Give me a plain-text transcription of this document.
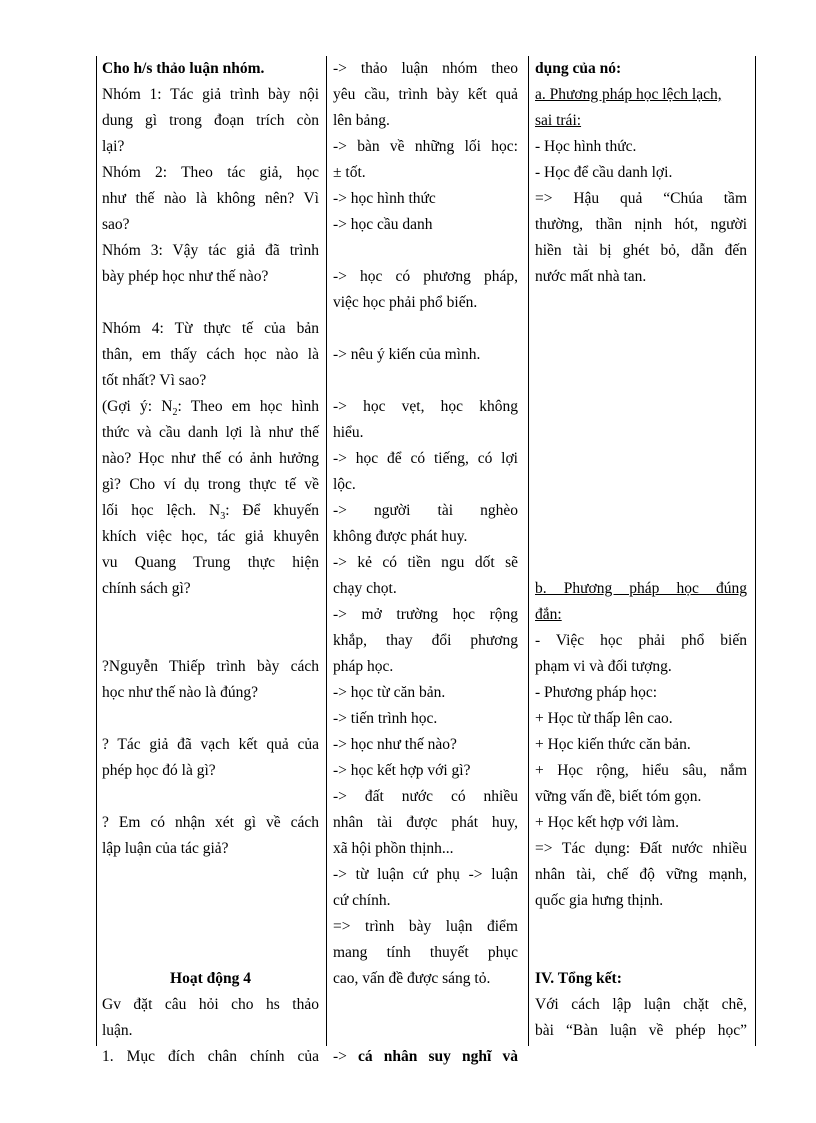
Cho h/s thảo luận nhóm.
Nhóm 1: Tác giả trình bày nội
dung gì trong đoạn trích còn
lại?
Nhóm 2: Theo tác giả, học
như thế nào là không nên? Vì
sao?
Nhóm 3: Vậy tác giả đã trình
bày phép học như thế nào?
Nhóm 4: Từ thực tế của bản
thân, em thấy cách học nào là
tốt nhất? Vì sao?
(Gợi ý: $N_2$: Theo em học hình
thức và cầu danh lợi là như thế
nào? Học như thế có ảnh hưởng
gì? Cho ví dụ trong thực tế về
lối học lệch. $N_3$: Để khuyến
khích việc học, tác giả khuyên
vu Quang Trung thực hiện
chính sách gì?
?Nguyễn Thiếp trình bày cách
học như thế nào là đúng?
? Tác giả đã vạch kết quả của
phép học đó là gì?
? Em có nhận xét gì về cách
lập luận của tác giả?
Hoạt động 4
Gv đặt câu hỏi cho hs thảo
luận.
1. Mục đích chân chính của
-> thảo luận nhóm theo
yêu cầu, trình bày kết quả
lên bảng.
-> bàn về những lối học:
± tốt.
-> học hình thức
-> học cầu danh
-> học có phương pháp,
việc học phải phổ biến.
-> nêu ý kiến của mình.
-> học vẹt, học không
hiểu.
-> học để có tiếng, có lợi
lộc.
-> người tài nghèo
không được phát huy.
-> kẻ có tiền ngu dốt sẽ
chạy chọt.
-> mở trường học rộng
khắp, thay đổi phương
pháp học.
-> học từ căn bản.
-> tiến trình học.
-> học như thế nào?
-> học kết hợp với gì?
-> đất nước có nhiều
nhân tài được phát huy,
xã hội phồn thịnh...
-> từ luận cứ phụ -> luận
cứ chính.
=> trình bày luận điểm
mang tính thuyết phục
cao, vấn đề được sáng tỏ.
-> cá nhân suy nghĩ và
dụng của nó:
a. Phương pháp học lệch lạch,
sai trái:
- Học hình thức.
- Học để cầu danh lợi.
=> Hậu quả “Chúa tầm
thường, thần nịnh hót, người
hiền tài bị ghét bỏ, dẫn đến
nước mất nhà tan.
b. Phương pháp học đúng
đắn:
- Việc học phải phổ biến
phạm vi và đối tượng.
- Phương pháp học:
+ Học từ thấp lên cao.
+ Học kiến thức căn bản.
+ Học rộng, hiểu sâu, nắm
vững vấn đề, biết tóm gọn.
+ Học kết hợp với làm.
=> Tác dụng: Đất nước nhiều
nhân tài, chế độ vững mạnh,
quốc gia hưng thịnh.
IV. Tổng kết:
Với cách lập luận chặt chẽ,
bài “Bàn luận về phép học”
